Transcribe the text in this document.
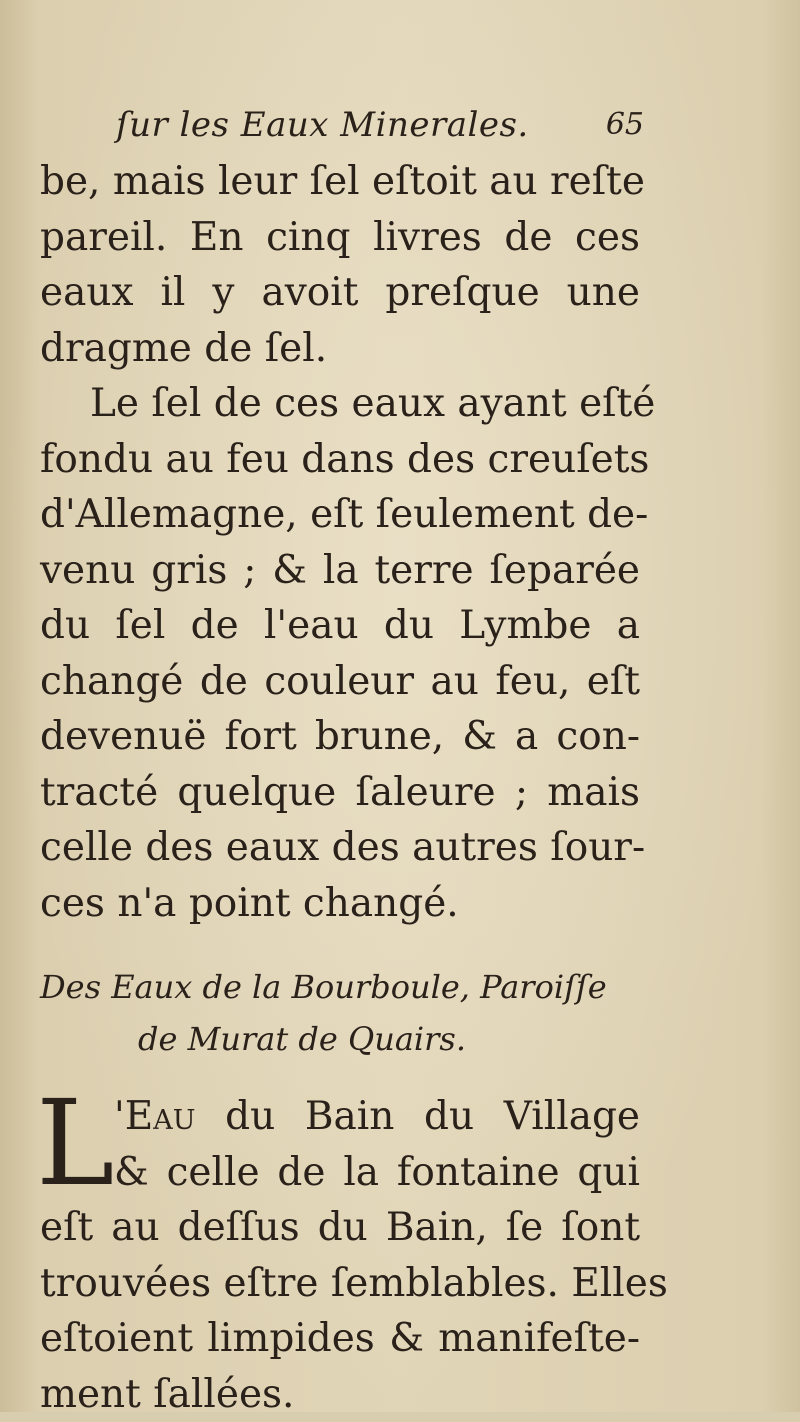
ſur les Eaux Minerales.	65
be, mais leur ſel eſtoit au reſte
pareil. En cinq livres de ces
eaux il y avoit preſque une
dragme de ſel.
Le ſel de ces eaux ayant eſté
fondu au feu dans des creuſets
d'Allemagne, eſt ſeulement de-
venu gris ; & la terre ſeparée
du ſel de l'eau du Lymbe a
changé de couleur au feu, eſt
devenuë fort brune, & a con-
tracté quelque ſaleure ; mais
celle des eaux des autres ſour-
ces n'a point changé.
Des Eaux de la Bourboule, Paroiſſe
de Murat de Quairs.
L 'Eau du Bain du Village
& celle de la fontaine qui
eſt au deſſus du Bain, ſe ſont
trouvées eſtre ſemblables. Elles
eſtoient limpides & manifeſte-
ment ſallées.
